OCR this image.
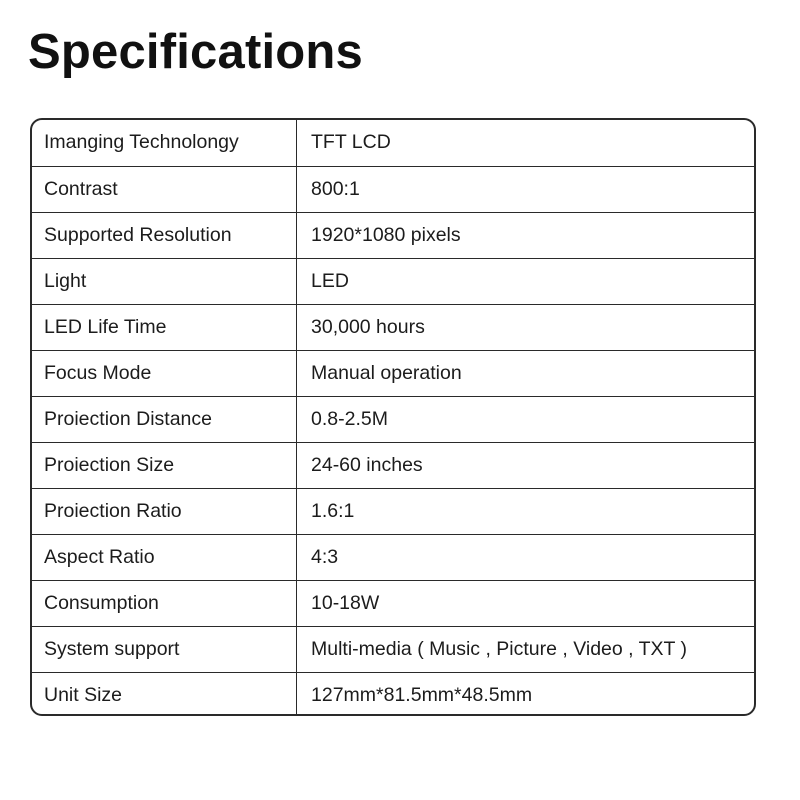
Specifications
Imanging Technolongy	TFT LCD
Contrast	800:1
Supported Resolution	1920*1080 pixels
Light	LED
LED Life Time	30,000 hours
Focus Mode	Manual operation
Proiection Distance	0.8-2.5M
Proiection Size	24-60 inches
Proiection Ratio	1.6:1
Aspect Ratio	4:3
Consumption	10-18W
System support	Multi-media ( Music , Picture , Video , TXT )
Unit Size	127mm*81.5mm*48.5mm
